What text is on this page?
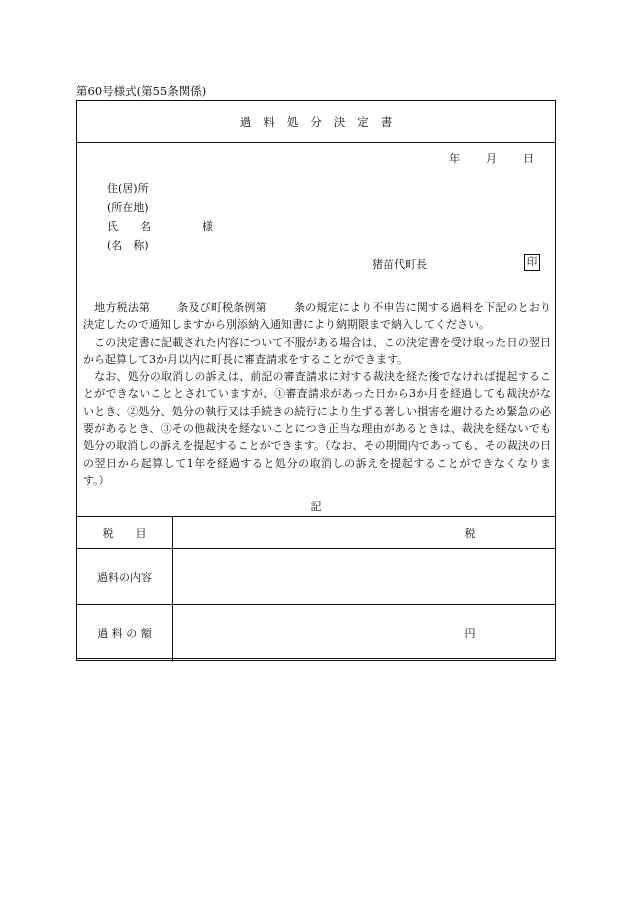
第60号様式(第55条関係)
過料処分決定書
年 月 日
住(居)所
(所在地)
氏　　名
(名　称)
様
猪苗代町長	印

 地方税法第 条及び町税条例第 条の規定により不申告に関する過料を下記のとおり決定したので通知しますから別添納入通知書により納期限まで納入してください。

 この決定書に記載された内容について不服がある場合は、この決定書を受け取った日の翌日から起算して3か月以内に町長に審査請求をすることができます。

 なお、処分の取消しの訴えは、前記の審査請求に対する裁決を経た後でなければ提起することができないこととされていますが、①審査請求があった日から3か月を経過しても裁決がないとき、②処分、処分の執行又は手続きの続行により生ずる著しい損害を避けるため緊急の必要があるとき、③その他裁決を経ないことにつき正当な理由があるときは、裁決を経ないでも処分の取消しの訴えを提起することができます。（なお、その期間内であっても、その裁決の日の翌日から起算して1年を経過すると処分の取消しの訴えを提起することができなくなります。）

記
税　　目	税
過料の内容	
過 料 の 額	円
